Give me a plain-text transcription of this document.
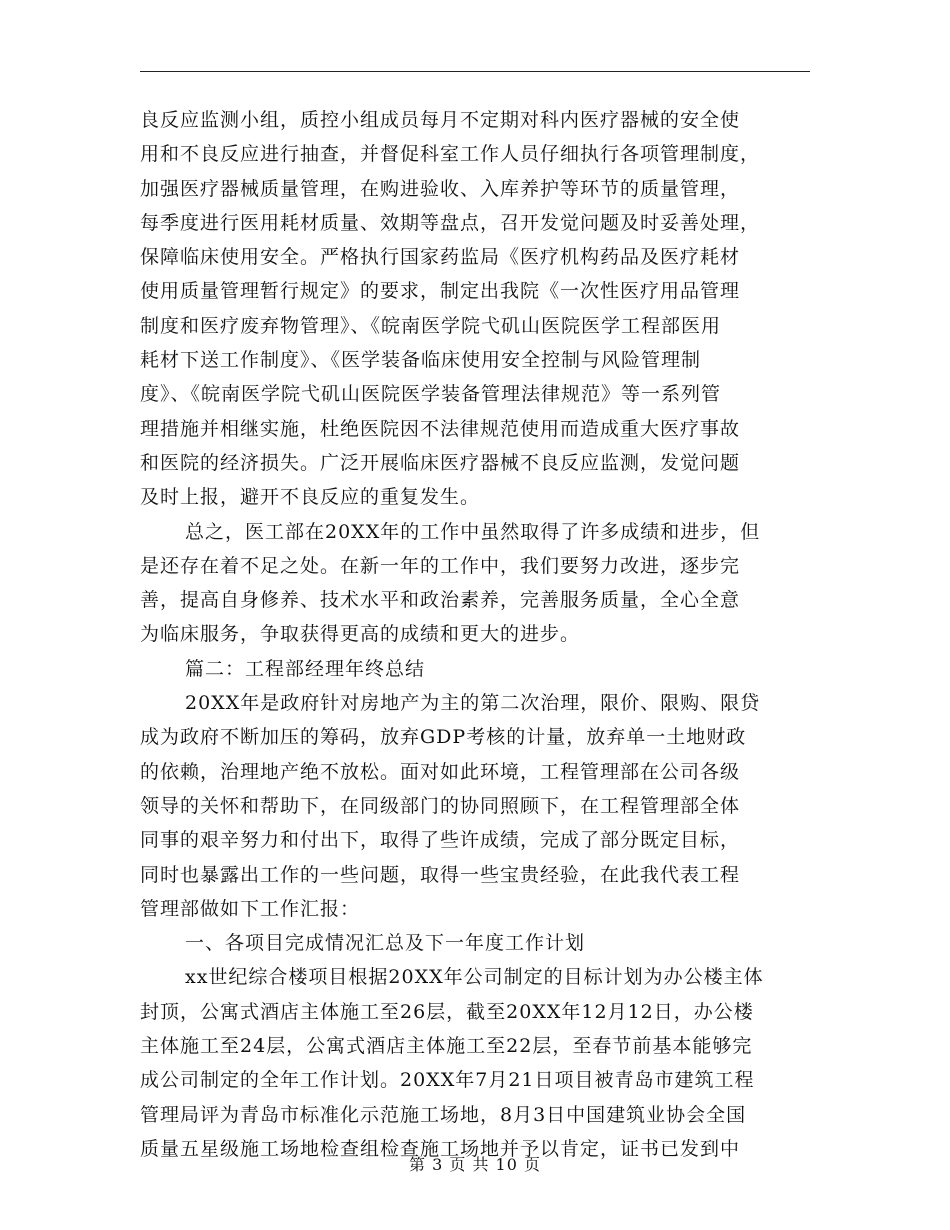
良反应监测小组，质控小组成员每月不定期对科内医疗器械的安全使
用和不良反应进行抽查，并督促科室工作人员仔细执行各项管理制度，
加强医疗器械质量管理，在购进验收、入库养护等环节的质量管理，
每季度进行医用耗材质量、效期等盘点，召开发觉问题及时妥善处理，
保障临床使用安全。严格执行国家药监局《医疗机构药品及医疗耗材
使用质量管理暂行规定》的要求，制定出我院《一次性医疗用品管理
制度和医疗废弃物管理》、《皖南医学院弋矶山医院医学工程部医用
耗材下送工作制度》、《医学装备临床使用安全控制与风险管理制
度》、《皖南医学院弋矶山医院医学装备管理法律规范》等一系列管
理措施并相继实施，杜绝医院因不法律规范使用而造成重大医疗事故
和医院的经济损失。广泛开展临床医疗器械不良反应监测，发觉问题
及时上报，避开不良反应的重复发生。
总之，医工部在20XX年的工作中虽然取得了许多成绩和进步，但
是还存在着不足之处。在新一年的工作中，我们要努力改进，逐步完
善，提高自身修养、技术水平和政治素养，完善服务质量，全心全意
为临床服务，争取获得更高的成绩和更大的进步。
篇二：工程部经理年终总结
20XX年是政府针对房地产为主的第二次治理，限价、限购、限贷
成为政府不断加压的筹码，放弃GDP考核的计量，放弃单一土地财政
的依赖，治理地产绝不放松。面对如此环境，工程管理部在公司各级
领导的关怀和帮助下，在同级部门的协同照顾下，在工程管理部全体
同事的艰辛努力和付出下，取得了些许成绩，完成了部分既定目标，
同时也暴露出工作的一些问题，取得一些宝贵经验，在此我代表工程
管理部做如下工作汇报：
一、各项目完成情况汇总及下一年度工作计划
xx世纪综合楼项目根据20XX年公司制定的目标计划为办公楼主体
封顶，公寓式酒店主体施工至26层，截至20XX年12月12日，办公楼
主体施工至24层，公寓式酒店主体施工至22层，至春节前基本能够完
成公司制定的全年工作计划。20XX年7月21日项目被青岛市建筑工程
管理局评为青岛市标准化示范施工场地，8月3日中国建筑业协会全国
质量五星级施工场地检查组检查施工场地并予以肯定，证书已发到中
第 3 页 共 10 页
